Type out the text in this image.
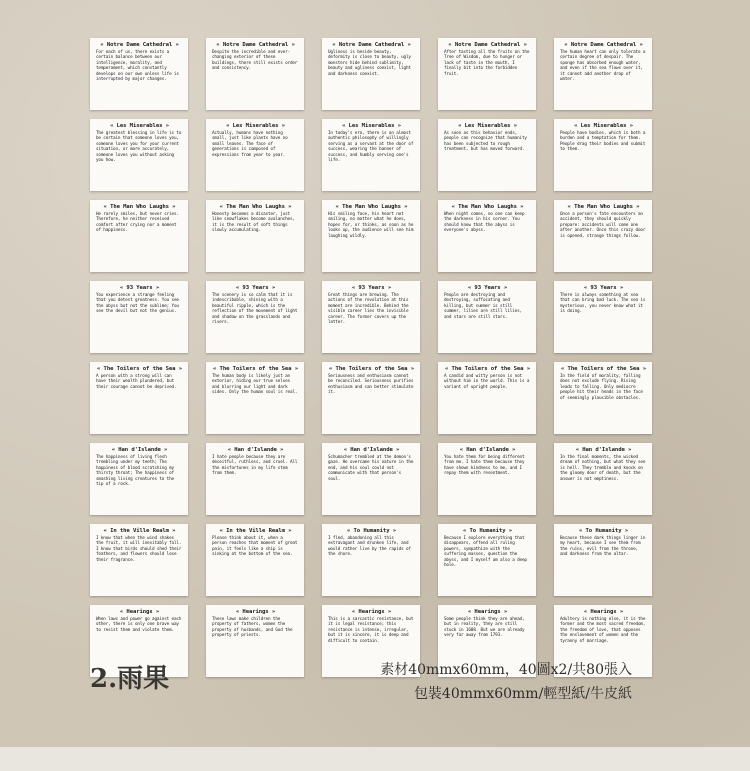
« Notre Dame Cathedral »
For each of us, there exists a certain balance between our intelligence, morality, and temperament, which constantly develops on our own unless life is interrupted by major changes.
« Notre Dame Cathedral »
Despite the incredible and ever-changing exterior of these buildings, there still exists order and consistency.
« Notre Dame Cathedral »
Ugliness is beside beauty, deformity is close to beauty, ugly monsters hide behind sublimity, beauty and ugliness coexist, light and darkness coexist.
« Notre Dame Cathedral »
After tasting all the fruits on the Tree of Wisdom, due to hunger or lack of taste in the mouth, I finally bit into the forbidden fruit.
« Notre Dame Cathedral »
The human heart can only tolerate a certain degree of despair. The sponge has absorbed enough water, and even if the sea flows over it, it cannot add another drop of water.
« Les Miserables »
The greatest blessing in life is to be certain that someone loves you, someone loves you for your current situation, or more accurately, someone loves you without asking you how.
« Les Miserables »
Actually, humans have nothing small, just like plants have no small leaves. The face of generations is composed of expressions from year to year.
« Les Miserables »
In today's era, there is an almost authentic philosophy of willingly serving as a servant at the door of success, wearing the banner of success, and humbly serving one's life.
« Les Miserables »
As soon as this behavior ends, people can recognize that humanity has been subjected to rough treatment, but has moved forward.
« Les Miserables »
People have bodies, which is both a burden and a temptation for them. People drag their bodies and submit to them.
« The Man Who Laughs »
He rarely smiles, but never cries. Therefore, he neither received comfort after crying nor a moment of happiness.
« The Man Who Laughs »
Honesty becomes a disaster, just like snowflakes become avalanches, it is the result of soft things slowly accumulating.
« The Man Who Laughs »
His smiling face, his heart not smiling, no matter what he does, hopes for, or thinks, as soon as he looks up, the audience will see him laughing wildly.
« The Man Who Laughs »
When night comes, no one can keep the darkness in his corner. You should know that the abyss is everyone's abyss.
« The Man Who Laughs »
Once a person's fate encounters an accident, they should quickly prepare: accidents will come one after another. Once this crazy door is opened, strange things follow.
« 93 Years »
You experience a strange feeling that you detest greatness. You see the abyss but not the sublime; You see the devil but not the genius.
« 93 Years »
The scenery is so calm that it is indescribable, shining with a beautiful ripple, which is the reflection of the movement of light and shadow on the grasslands and rivers.
« 93 Years »
Great things are brewing. The actions of the revolution at this moment are incredible. Behind the visible career lies the invisible career. The former covers up the latter.
« 93 Years »
People are destroying and destroying, suffocating and killing, but summer is still summer, lilies are still lilies, and stars are still stars.
« 93 Years »
There is always something at sea that can bring bad luck. The sea is mysterious, you never know what it is doing.
« The Toilers of the Sea »
A person with a strong will can have their wealth plundered, but their courage cannot be deprived.
« The Toilers of the Sea »
The human body is likely just an exterior, hiding our true selves and blurring our light and dark sides. Only the human soul is real.
« The Toilers of the Sea »
Seriousness and enthusiasm cannot be reconciled. Seriousness purifies enthusiasm and can better stimulate it.
« The Toilers of the Sea »
A candid and witty person is not without him in the world. This is a variant of upright people.
« The Toilers of the Sea »
In the field of morality, falling does not exclude flying. Rising leads to falling. Only mediocre people hit their heads in the face of seemingly plausible obstacles.
« Han d'Islande »
The happiness of living flesh trembling under my teeth; The happiness of blood scratching my thirsty throat; The happiness of smashing living creatures to the tip of a rock.
« Han d'Islande »
I hate people because they are deceitful, ruthless, and cruel. All the misfortunes in my life stem from them.
« Han d'Islande »
Schumacher trembled at the demon's gaze. He overcame his nature in the end, and his soul could not communicate with that person's soul.
« Han d'Islande »
You hate them for being different from me. I hate them because they have shown kindness to me, and I repay them with resentment.
« Han d'Islande »
In the final moments, the wicked dream of nothing, but what they see is hell. They tremble and knock on the gloomy door of death, but the answer is not emptiness.
« In the Ville Realm »
I know that when the wind shakes the fruit, it will inevitably fall. I know that birds should shed their feathers, and flowers should lose their fragrance.
« In the Ville Realm »
Please think about it, when a person reaches that moment of great pain, it feels like a ship is sinking at the bottom of the sea.
« To Humanity »
I fled, abandoning all this extravagant and drunken life, and would rather live by the rapids of the shore.
« To Humanity »
Because I explore everything that disappears, offend all ruling powers, sympathize with the suffering masses, question the abyss, and I myself am also a deep hole.
« To Humanity »
Because these dark things linger in my heart, because I see them from the ruins, evil from the throne, and darkness from the altar.
« Hearings »
When laws and power go against each other, there is only one brave way to resist them and violate them.
« Hearings »
These laws make children the property of fathers, women the property of husbands, and God the property of priests.
« Hearings »
This is a sarcastic resistance, but it is legal resistance; this resistance is intense, irregular, but it is sincere, it is deep and difficult to contain.
« Hearings »
Some people think they are ahead, but in reality, they are still stuck in 1688. But we are already very far away from 1793.
« Hearings »
Adultery is nothing else, it is the former and the most sacred freedom, the freedom of love, that opposes the enslavement of women and the tyranny of marriage.
2.雨果	素材40mmx60mm，40圖x2/共80張入
包裝40mmx60mm/輕型紙/牛皮紙
